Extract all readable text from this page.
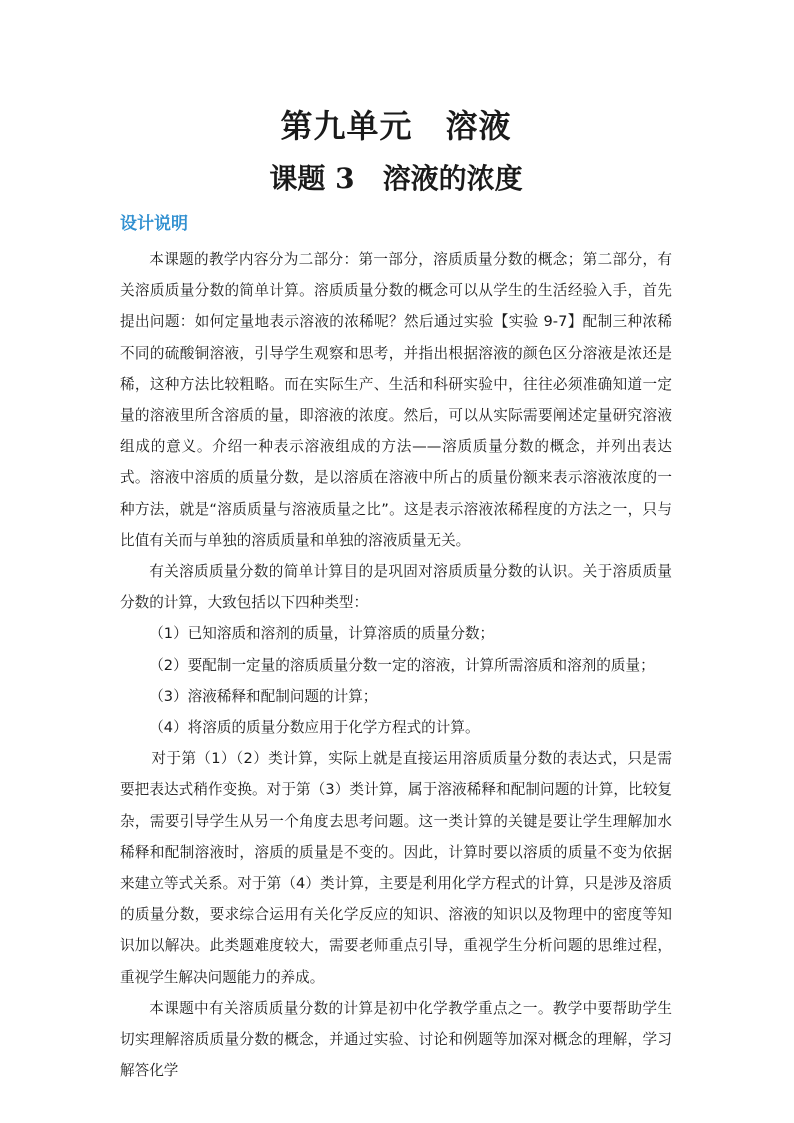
第九单元　溶液
课题 3　溶液的浓度
设计说明

本课题的教学内容分为二部分：第一部分，溶质质量分数的概念；第二部分，有关溶质质量分数的简单计算。溶质质量分数的概念可以从学生的生活经验入手，首先提出问题：如何定量地表示溶液的浓稀呢？然后通过实验【实验 9-7】配制三种浓稀不同的硫酸铜溶液，引导学生观察和思考，并指出根据溶液的颜色区分溶液是浓还是稀，这种方法比较粗略。而在实际生产、生活和科研实验中，往往必须准确知道一定量的溶液里所含溶质的量，即溶液的浓度。然后，可以从实际需要阐述定量研究溶液组成的意义。介绍一种表示溶液组成的方法——溶质质量分数的概念，并列出表达式。溶液中溶质的质量分数，是以溶质在溶液中所占的质量份额来表示溶液浓度的一种方法，就是“溶质质量与溶液质量之比”。这是表示溶液浓稀程度的方法之一，只与比值有关而与单独的溶质质量和单独的溶液质量无关。

有关溶质质量分数的简单计算目的是巩固对溶质质量分数的认识。关于溶质质量分数的计算，大致包括以下四种类型：

（1）已知溶质和溶剂的质量，计算溶质的质量分数；

（2）要配制一定量的溶质质量分数一定的溶液，计算所需溶质和溶剂的质量；

（3）溶液稀释和配制问题的计算；

（4）将溶质的质量分数应用于化学方程式的计算。

对于第（1）（2）类计算，实际上就是直接运用溶质质量分数的表达式，只是需要把表达式稍作变换。对于第（3）类计算，属于溶液稀释和配制问题的计算，比较复杂，需要引导学生从另一个角度去思考问题。这一类计算的关键是要让学生理解加水稀释和配制溶液时，溶质的质量是不变的。因此，计算时要以溶质的质量不变为依据来建立等式关系。对于第（4）类计算，主要是利用化学方程式的计算，只是涉及溶质的质量分数，要求综合运用有关化学反应的知识、溶液的知识以及物理中的密度等知识加以解决。此类题难度较大，需要老师重点引导，重视学生分析问题的思维过程，重视学生解决问题能力的养成。

本课题中有关溶质质量分数的计算是初中化学教学重点之一。教学中要帮助学生切实理解溶质质量分数的概念，并通过实验、讨论和例题等加深对概念的理解，学习解答化学
